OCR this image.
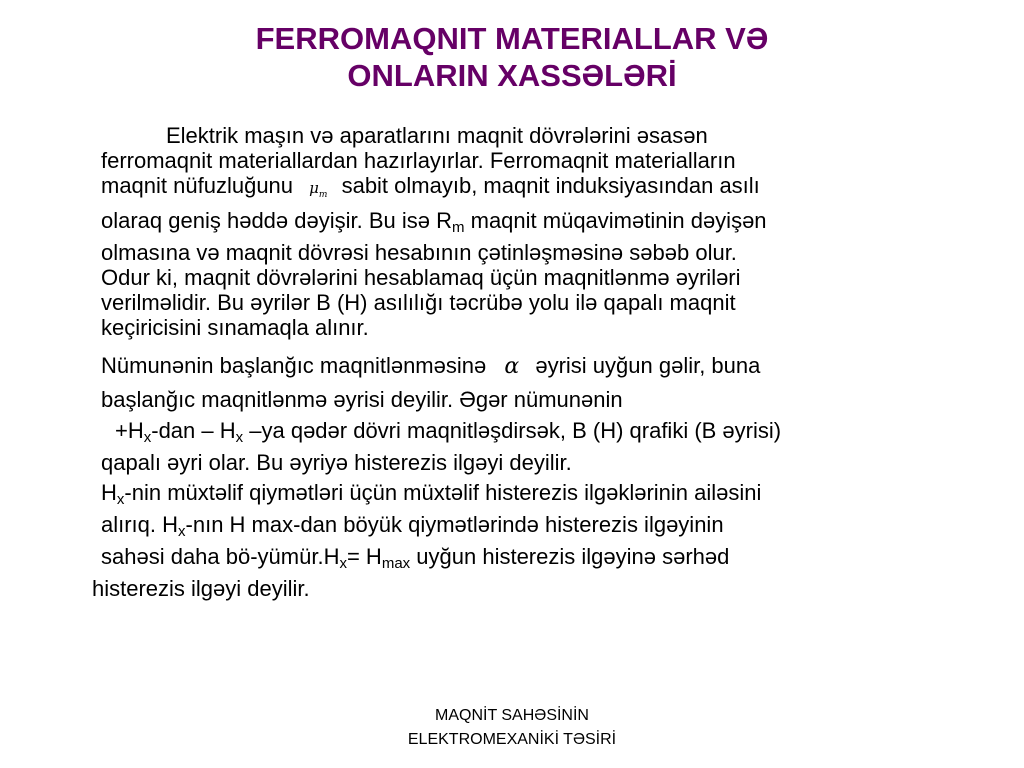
FERROMAQNIT MATERIALLAR VƏ
ONLARIN XASSƏLƏRİ
Elektrik maşın və aparatlarını maqnit dövrələrini əsasən
ferromaqnit materiallardan hazırlayırlar. Ferromaqnit materialların
maqnit nüfuzluğunu $\mu_m$ sabit olmayıb, maqnit induksiyasından asılı
olaraq geniş həddə dəyişir. Bu isə $R_m$ maqnit müqavimətinin dəyişən
olmasına və maqnit dövrəsi hesabının çətinləşməsinə səbəb olur.
Odur ki, maqnit dövrələrini hesablamaq üçün maqnitlənmə əyriləri
verilməlidir. Bu əyrilər B (H) asılılığı təcrübə yolu ilə qapalı maqnit
keçiricisini sınamaqla alınır.
Nümunənin başlanğıc maqnitlənməsinə α əyrisi uyğun gəlir, buna
başlanğıc maqnitlənmə əyrisi deyilir. Əgər nümunənin
$+H_x$-dan – $H_x$ –ya qədər dövri maqnitləşdirsək, B (H) qrafiki (B əyrisi)
qapalı əyri olar. Bu əyriyə histerezis ilgəyi deyilir.
$H_x$-nin müxtəlif qiymətləri üçün müxtəlif histerezis ilgəklərinin ailəsini
alırıq. $H_x$-nın H max-dan böyük qiymətlərində histerezis ilgəyinin
sahəsi daha $bö-yümür.H_x= H_{max}$ uyğun histerezis ilgəyinə sərhəd
histerezis ilgəyi deyilir.
MAQNİT SAHƏSİNİN
ELEKTROMEXANİKİ TƏSİRİ
